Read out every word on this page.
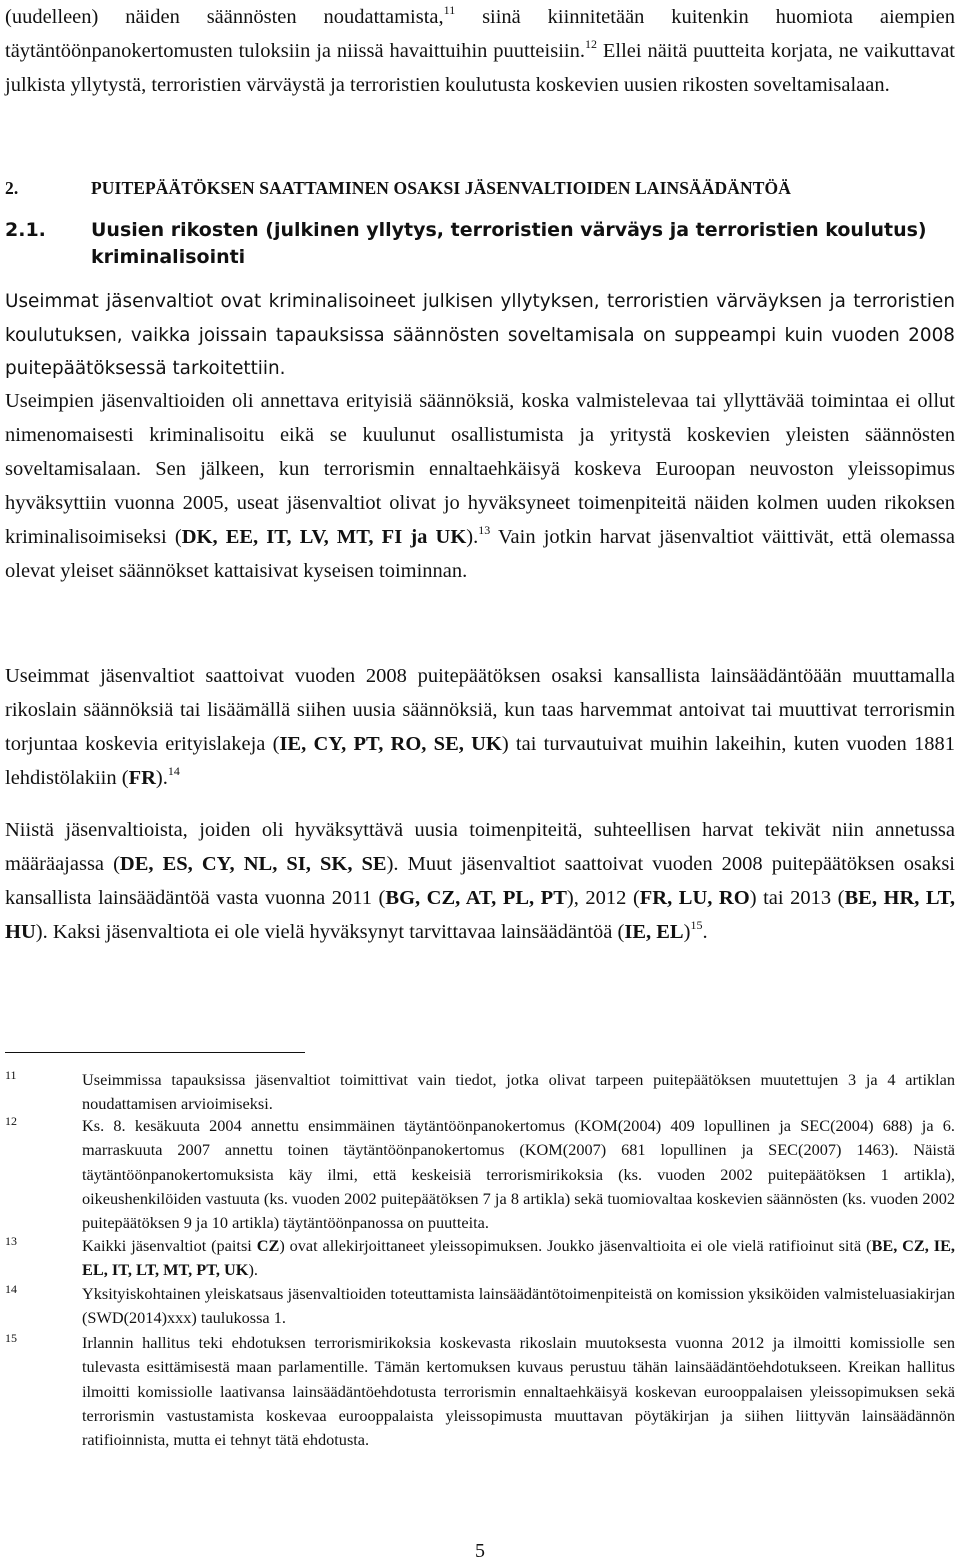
(uudelleen) näiden säännösten noudattamista,$^{11}$ siinä kiinnitetään kuitenkin huomiota aiempien täytäntöönpanokertomusten tuloksiin ja niissä havaittuihin puutteisiin.$^{12}$ Ellei näitä puutteita korjata, ne vaikuttavat julkista yllytystä, terroristien värväystä ja terroristien koulutusta koskevien uusien rikosten soveltamisalaan.

2.	PUITEPÄÄTÖKSEN SAATTAMINEN OSAKSI JÄSENVALTIOIDEN LAINSÄÄDÄNTÖÄ

2.1.	Uusien rikosten (julkinen yllytys, terroristien värväys ja terroristien koulutus) kriminalisointi

Useimmat jäsenvaltiot ovat kriminalisoineet julkisen yllytyksen, terroristien värväyksen ja terroristien koulutuksen, vaikka joissain tapauksissa säännösten soveltamisala on suppeampi kuin vuoden 2008 puitepäätöksessä tarkoitettiin.

Useimpien jäsenvaltioiden oli annettava erityisiä säännöksiä, koska valmistelevaa tai yllyttävää toimintaa ei ollut nimenomaisesti kriminalisoitu eikä se kuulunut osallistumista ja yritystä koskevien yleisten säännösten soveltamisalaan. Sen jälkeen, kun terrorismin ennaltaehkäisyä koskeva Euroopan neuvoston yleissopimus hyväksyttiin vuonna 2005, useat jäsenvaltiot olivat jo hyväksyneet toimenpiteitä näiden kolmen uuden rikoksen kriminalisoimiseksi (DK, EE, IT, LV, MT, FI ja UK).$^{13}$ Vain jotkin harvat jäsenvaltiot väittivät, että olemassa olevat yleiset säännökset kattaisivat kyseisen toiminnan.

Useimmat jäsenvaltiot saattoivat vuoden 2008 puitepäätöksen osaksi kansallista lainsäädäntöään muuttamalla rikoslain säännöksiä tai lisäämällä siihen uusia säännöksiä, kun taas harvemmat antoivat tai muuttivat terrorismin torjuntaa koskevia erityislakeja (IE, CY, PT, RO, SE, UK) tai turvautuivat muihin lakeihin, kuten vuoden 1881 lehdistölakiin (FR).$^{14}$

Niistä jäsenvaltioista, joiden oli hyväksyttävä uusia toimenpiteitä, suhteellisen harvat tekivät niin annetussa määräajassa (DE, ES, CY, NL, SI, SK, SE). Muut jäsenvaltiot saattoivat vuoden 2008 puitepäätöksen osaksi kansallista lainsäädäntöä vasta vuonna 2011 (BG, CZ, AT, PL, PT), 2012 (FR, LU, RO) tai 2013 (BE, HR, LT, HU). Kaksi jäsenvaltiota ei ole vielä hyväksynyt tarvittavaa lainsäädäntöä (IE, EL)$^{15}$.

11	Useimmissa tapauksissa jäsenvaltiot toimittivat vain tiedot, jotka olivat tarpeen puitepäätöksen muutettujen 3 ja 4 artiklan noudattamisen arvioimiseksi.
12	Ks. 8. kesäkuuta 2004 annettu ensimmäinen täytäntöönpanokertomus (KOM(2004) 409 lopullinen ja SEC(2004) 688) ja 6. marraskuuta 2007 annettu toinen täytäntöönpanokertomus (KOM(2007) 681 lopullinen ja SEC(2007) 1463). Näistä täytäntöönpanokertomuksista käy ilmi, että keskeisiä terrorismirikoksia (ks. vuoden 2002 puitepäätöksen 1 artikla), oikeushenkilöiden vastuuta (ks. vuoden 2002 puitepäätöksen 7 ja 8 artikla) sekä tuomiovaltaa koskevien säännösten (ks. vuoden 2002 puitepäätöksen 9 ja 10 artikla) täytäntöönpanossa on puutteita.
13	Kaikki jäsenvaltiot (paitsi CZ) ovat allekirjoittaneet yleissopimuksen. Joukko jäsenvaltioita ei ole vielä ratifioinut sitä (BE, CZ, IE, EL, IT, LT, MT, PT, UK).
14	Yksityiskohtainen yleiskatsaus jäsenvaltioiden toteuttamista lainsäädäntötoimenpiteistä on komission yksiköiden valmisteluasiakirjan (SWD(2014)xxx) taulukossa 1.
15	Irlannin hallitus teki ehdotuksen terrorismirikoksia koskevasta rikoslain muutoksesta vuonna 2012 ja ilmoitti komissiolle sen tulevasta esittämisestä maan parlamentille. Tämän kertomuksen kuvaus perustuu tähän lainsäädäntöehdotukseen. Kreikan hallitus ilmoitti komissiolle laativansa lainsäädäntöehdotusta terrorismin ennaltaehkäisyä koskevan eurooppalaisen yleissopimuksen sekä terrorismin vastustamista koskevaa eurooppalaista yleissopimusta muuttavan pöytäkirjan ja siihen liittyvän lainsäädännön ratifioinnista, mutta ei tehnyt tätä ehdotusta.
5
